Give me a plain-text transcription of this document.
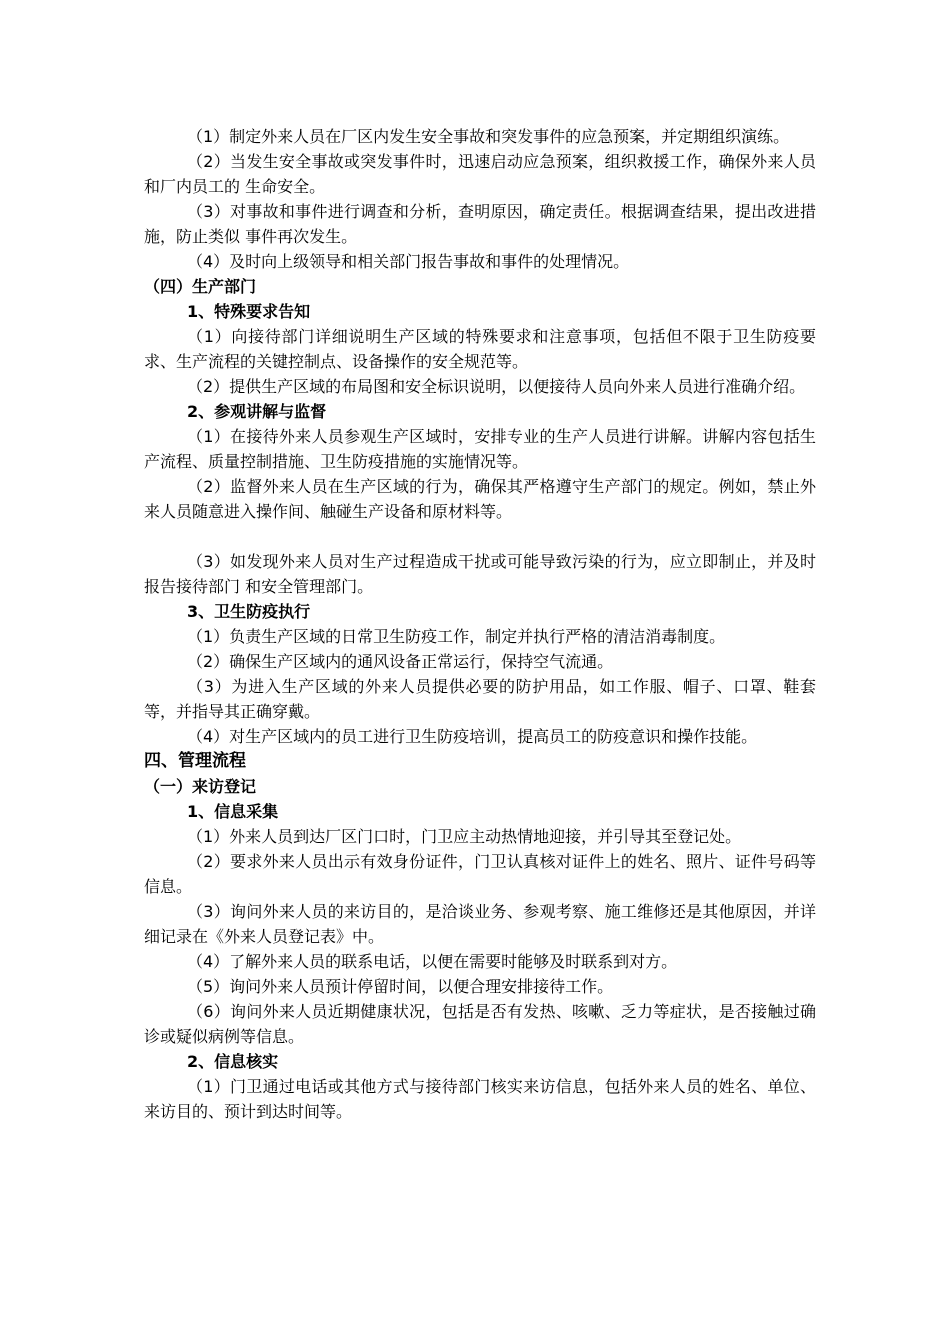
（1）制定外来人员在厂区内发生安全事故和突发事件的应急预案，并定期组织演练。

（2）当发生安全事故或突发事件时，迅速启动应急预案，组织救援工作，确保外来人员和厂内员工的 生命安全。

（3）对事故和事件进行调查和分析，查明原因，确定责任。根据调查结果，提出改进措施，防止类似 事件再次发生。

（4）及时向上级领导和相关部门报告事故和事件的处理情况。

（四）生产部门

1、特殊要求告知

（1）向接待部门详细说明生产区域的特殊要求和注意事项，包括但不限于卫生防疫要求、生产流程的关键控制点、设备操作的安全规范等。

（2）提供生产区域的布局图和安全标识说明，以便接待人员向外来人员进行准确介绍。

2、参观讲解与监督

（1）在接待外来人员参观生产区域时，安排专业的生产人员进行讲解。讲解内容包括生产流程、质量控制措施、卫生防疫措施的实施情况等。

（2）监督外来人员在生产区域的行为，确保其严格遵守生产部门的规定。例如，禁止外来人员随意进入操作间、触碰生产设备和原材料等。

（3）如发现外来人员对生产过程造成干扰或可能导致污染的行为，应立即制止，并及时报告接待部门 和安全管理部门。

3、卫生防疫执行

（1）负责生产区域的日常卫生防疫工作，制定并执行严格的清洁消毒制度。

（2）确保生产区域内的通风设备正常运行，保持空气流通。

（3）为进入生产区域的外来人员提供必要的防护用品，如工作服、帽子、口罩、鞋套等，并指导其正确穿戴。

（4）对生产区域内的员工进行卫生防疫培训，提高员工的防疫意识和操作技能。

四、管理流程

（一）来访登记

1、信息采集

（1）外来人员到达厂区门口时，门卫应主动热情地迎接，并引导其至登记处。

（2）要求外来人员出示有效身份证件，门卫认真核对证件上的姓名、照片、证件号码等信息。

（3）询问外来人员的来访目的，是洽谈业务、参观考察、施工维修还是其他原因，并详细记录在《外来人员登记表》中。

（4）了解外来人员的联系电话，以便在需要时能够及时联系到对方。

（5）询问外来人员预计停留时间，以便合理安排接待工作。

（6）询问外来人员近期健康状况，包括是否有发热、咳嗽、乏力等症状，是否接触过确诊或疑似病例等信息。

2、信息核实

（1）门卫通过电话或其他方式与接待部门核实来访信息，包括外来人员的姓名、单位、来访目的、预计到达时间等。
